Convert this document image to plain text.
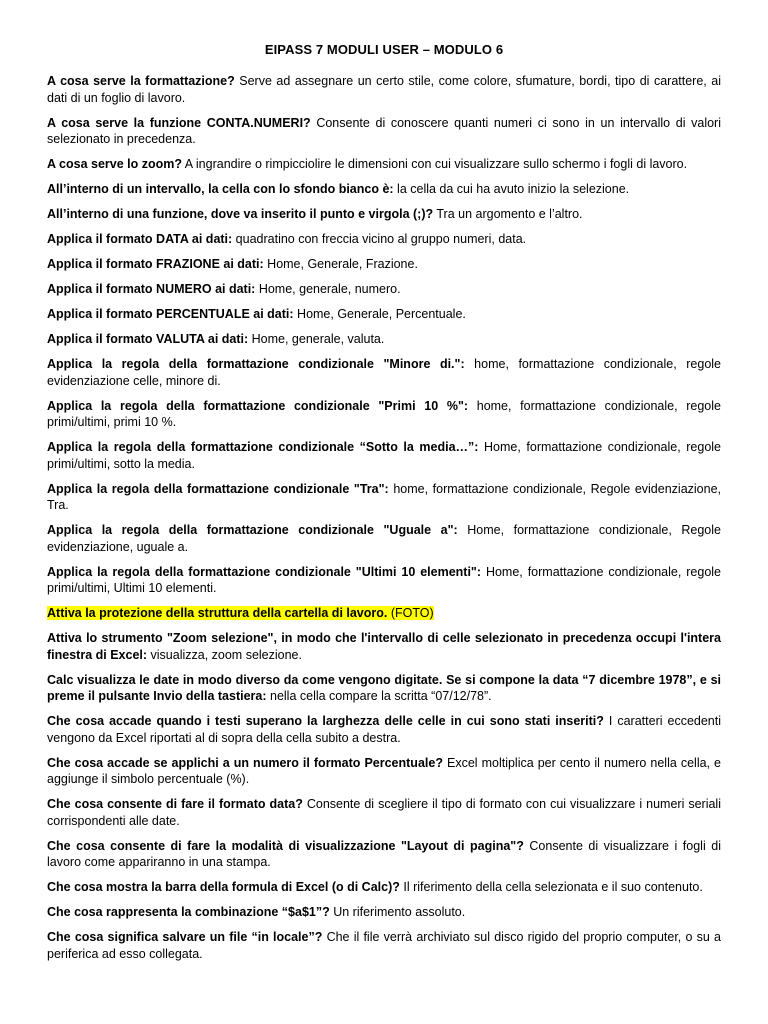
EIPASS 7 MODULI USER – MODULO 6

A cosa serve la formattazione? Serve ad assegnare un certo stile, come colore, sfumature, bordi, tipo di carattere, ai dati di un foglio di lavoro.

A cosa serve la funzione CONTA.NUMERI? Consente di conoscere quanti numeri ci sono in un intervallo di valori selezionato in precedenza.

A cosa serve lo zoom? A ingrandire o rimpicciolire le dimensioni con cui visualizzare sullo schermo i fogli di lavoro.

All’interno di un intervallo, la cella con lo sfondo bianco è: la cella da cui ha avuto inizio la selezione.

All’interno di una funzione, dove va inserito il punto e virgola (;)? Tra un argomento e l’altro.

Applica il formato DATA ai dati: quadratino con freccia vicino al gruppo numeri, data.

Applica il formato FRAZIONE ai dati: Home, Generale, Frazione.

Applica il formato NUMERO ai dati: Home, generale, numero.

Applica il formato PERCENTUALE ai dati: Home, Generale, Percentuale.

Applica il formato VALUTA ai dati: Home, generale, valuta.

Applica la regola della formattazione condizionale "Minore di.": home, formattazione condizionale, regole evidenziazione celle, minore di.

Applica la regola della formattazione condizionale "Primi 10 %": home, formattazione condizionale, regole primi/ultimi, primi 10 %.

Applica la regola della formattazione condizionale “Sotto la media…”: Home, formattazione condizionale, regole primi/ultimi, sotto la media.

Applica la regola della formattazione condizionale "Tra": home, formattazione condizionale, Regole evidenziazione, Tra.

Applica la regola della formattazione condizionale "Uguale a": Home, formattazione condizionale, Regole evidenziazione, uguale a.

Applica la regola della formattazione condizionale "Ultimi 10 elementi": Home, formattazione condizionale, regole primi/ultimi, Ultimi 10 elementi.

Attiva la protezione della struttura della cartella di lavoro. (FOTO)

Attiva lo strumento "Zoom selezione", in modo che l'intervallo di celle selezionato in precedenza occupi l'intera finestra di Excel: visualizza, zoom selezione.

Calc visualizza le date in modo diverso da come vengono digitate. Se si compone la data “7 dicembre 1978”, e si preme il pulsante Invio della tastiera: nella cella compare la scritta “07/12/78”.

Che cosa accade quando i testi superano la larghezza delle celle in cui sono stati inseriti? I caratteri eccedenti vengono da Excel riportati al di sopra della cella subito a destra.

Che cosa accade se applichi a un numero il formato Percentuale? Excel moltiplica per cento il numero nella cella, e aggiunge il simbolo percentuale (%).

Che cosa consente di fare il formato data? Consente di scegliere il tipo di formato con cui visualizzare i numeri seriali corrispondenti alle date.

Che cosa consente di fare la modalità di visualizzazione "Layout di pagina"? Consente di visualizzare i fogli di lavoro come appariranno in una stampa.

Che cosa mostra la barra della formula di Excel (o di Calc)? Il riferimento della cella selezionata e il suo contenuto.

Che cosa rappresenta la combinazione “$a$1”? Un riferimento assoluto.

Che cosa significa salvare un file “in locale”? Che il file verrà archiviato sul disco rigido del proprio computer, o su a periferica ad esso collegata.
